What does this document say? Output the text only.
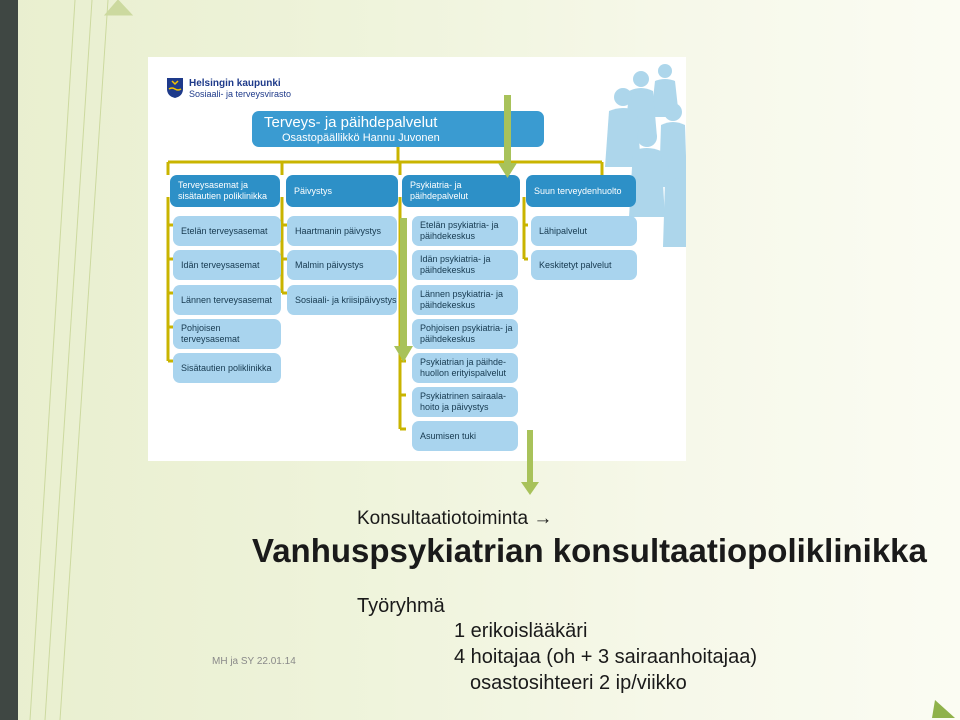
Helsingin kaupunki
Sosiaali- ja terveysvirasto
Terveys- ja päihdepalvelut
Osastopäällikkö Hannu Juvonen
Terveysasemat ja sisätautien poliklinikka
Etelän terveysasemat
Idän terveysasemat
Lännen terveysasemat
Pohjoisen terveysasemat
Sisätautien poliklinikka
Päivystys
Haartmanin päivystys
Malmin päivystys
Sosiaali- ja kriisipäivystys
Psykiatria- ja päihdepalvelut
Etelän psykiatria- ja päihdekeskus
Idän psykiatria- ja päihdekeskus
Lännen psykiatria- ja päihdekeskus
Pohjoisen psykiatria- ja päihdekeskus
Psykiatrian ja päihde- huollon erityispalvelut
Psykiatrinen sairaala- hoito ja päivystys
Asumisen tuki
Suun terveydenhuolto
Lähipalvelut
Keskitetyt palvelut
Konsultaatiotoiminta →
Vanhuspsykiatrian konsultaatiopoliklinikka
Työryhmä
1 erikoislääkäri
4 hoitajaa (oh + 3 sairaanhoitajaa)
osastosihteeri 2 ip/viikko
MH ja SY 22.01.14
